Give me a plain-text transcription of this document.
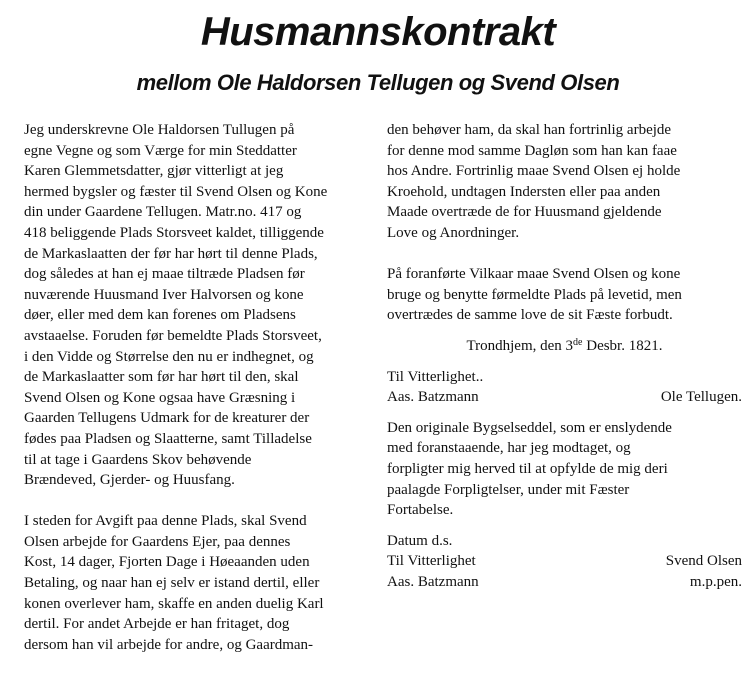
Husmannskontrakt
mellom Ole Haldorsen Tellugen og Svend Olsen
Jeg underskrevne Ole Haldorsen Tullugen på
egne Vegne og som Værge for min Steddatter
Karen Glemmetsdatter, gjør vitterligt at jeg
hermed bygsler og fæster til Svend Olsen og Kone
din under Gaardene Tellugen. Matr.no. 417 og
418 beliggende Plads Storsveet kaldet, tilliggende
de Markaslaatten der før har hørt til denne Plads,
dog således at han ej maae tiltræde Pladsen før
nuværende Huusmand Iver Halvorsen og kone
døer, eller med dem kan forenes om Pladsens
avstaaelse. Foruden før bemeldte Plads Storsveet,
i den Vidde og Størrelse den nu er indhegnet, og
de Markaslaatter som før har hørt til den, skal
Svend Olsen og Kone ogsaa have Græsning i
Gaarden Tellugens Udmark for de kreaturer der
fødes paa Pladsen og Slaatterne, samt Tilladelse
til at tage i Gaardens Skov behøvende
Brændeved, Gjerder- og Huusfang.
I steden for Avgift paa denne Plads, skal Svend
Olsen arbejde for Gaardens Ejer, paa dennes
Kost, 14 dager, Fjorten Dage i Høeaanden uden
Betaling, og naar han ej selv er istand dertil, eller
konen overlever ham, skaffe en anden duelig Karl
dertil. For andet Arbejde er han fritaget, dog
dersom han vil arbejde for andre, og Gaardman-
den behøver ham, da skal han fortrinlig arbejde
for denne mod samme Dagløn som han kan faae
hos Andre. Fortrinlig maae Svend Olsen ej holde
Kroehold, undtagen Indersten eller paa anden
Maade overtræde de for Huusmand gjeldende
Love og Anordninger.
På foranførte Vilkaar maae Svend Olsen og kone
bruge og benytte førmeldte Plads på levetid, men
overtrædes de samme love de sit Fæste forbudt.
Trondhjem, den 3de Desbr. 1821.
Til Vitterlighet..
Aas. Batzmann	Ole Tellugen.
Den originale Bygselseddel, som er enslydende
med foranstaaende, har jeg modtaget, og
forpligter mig herved til at opfylde de mig deri
paalagde Forpligtelser, under mit Fæster
Fortabelse.
Datum d.s.
Til Vitterlighet	Svend Olsen
Aas. Batzmann	m.p.pen.
